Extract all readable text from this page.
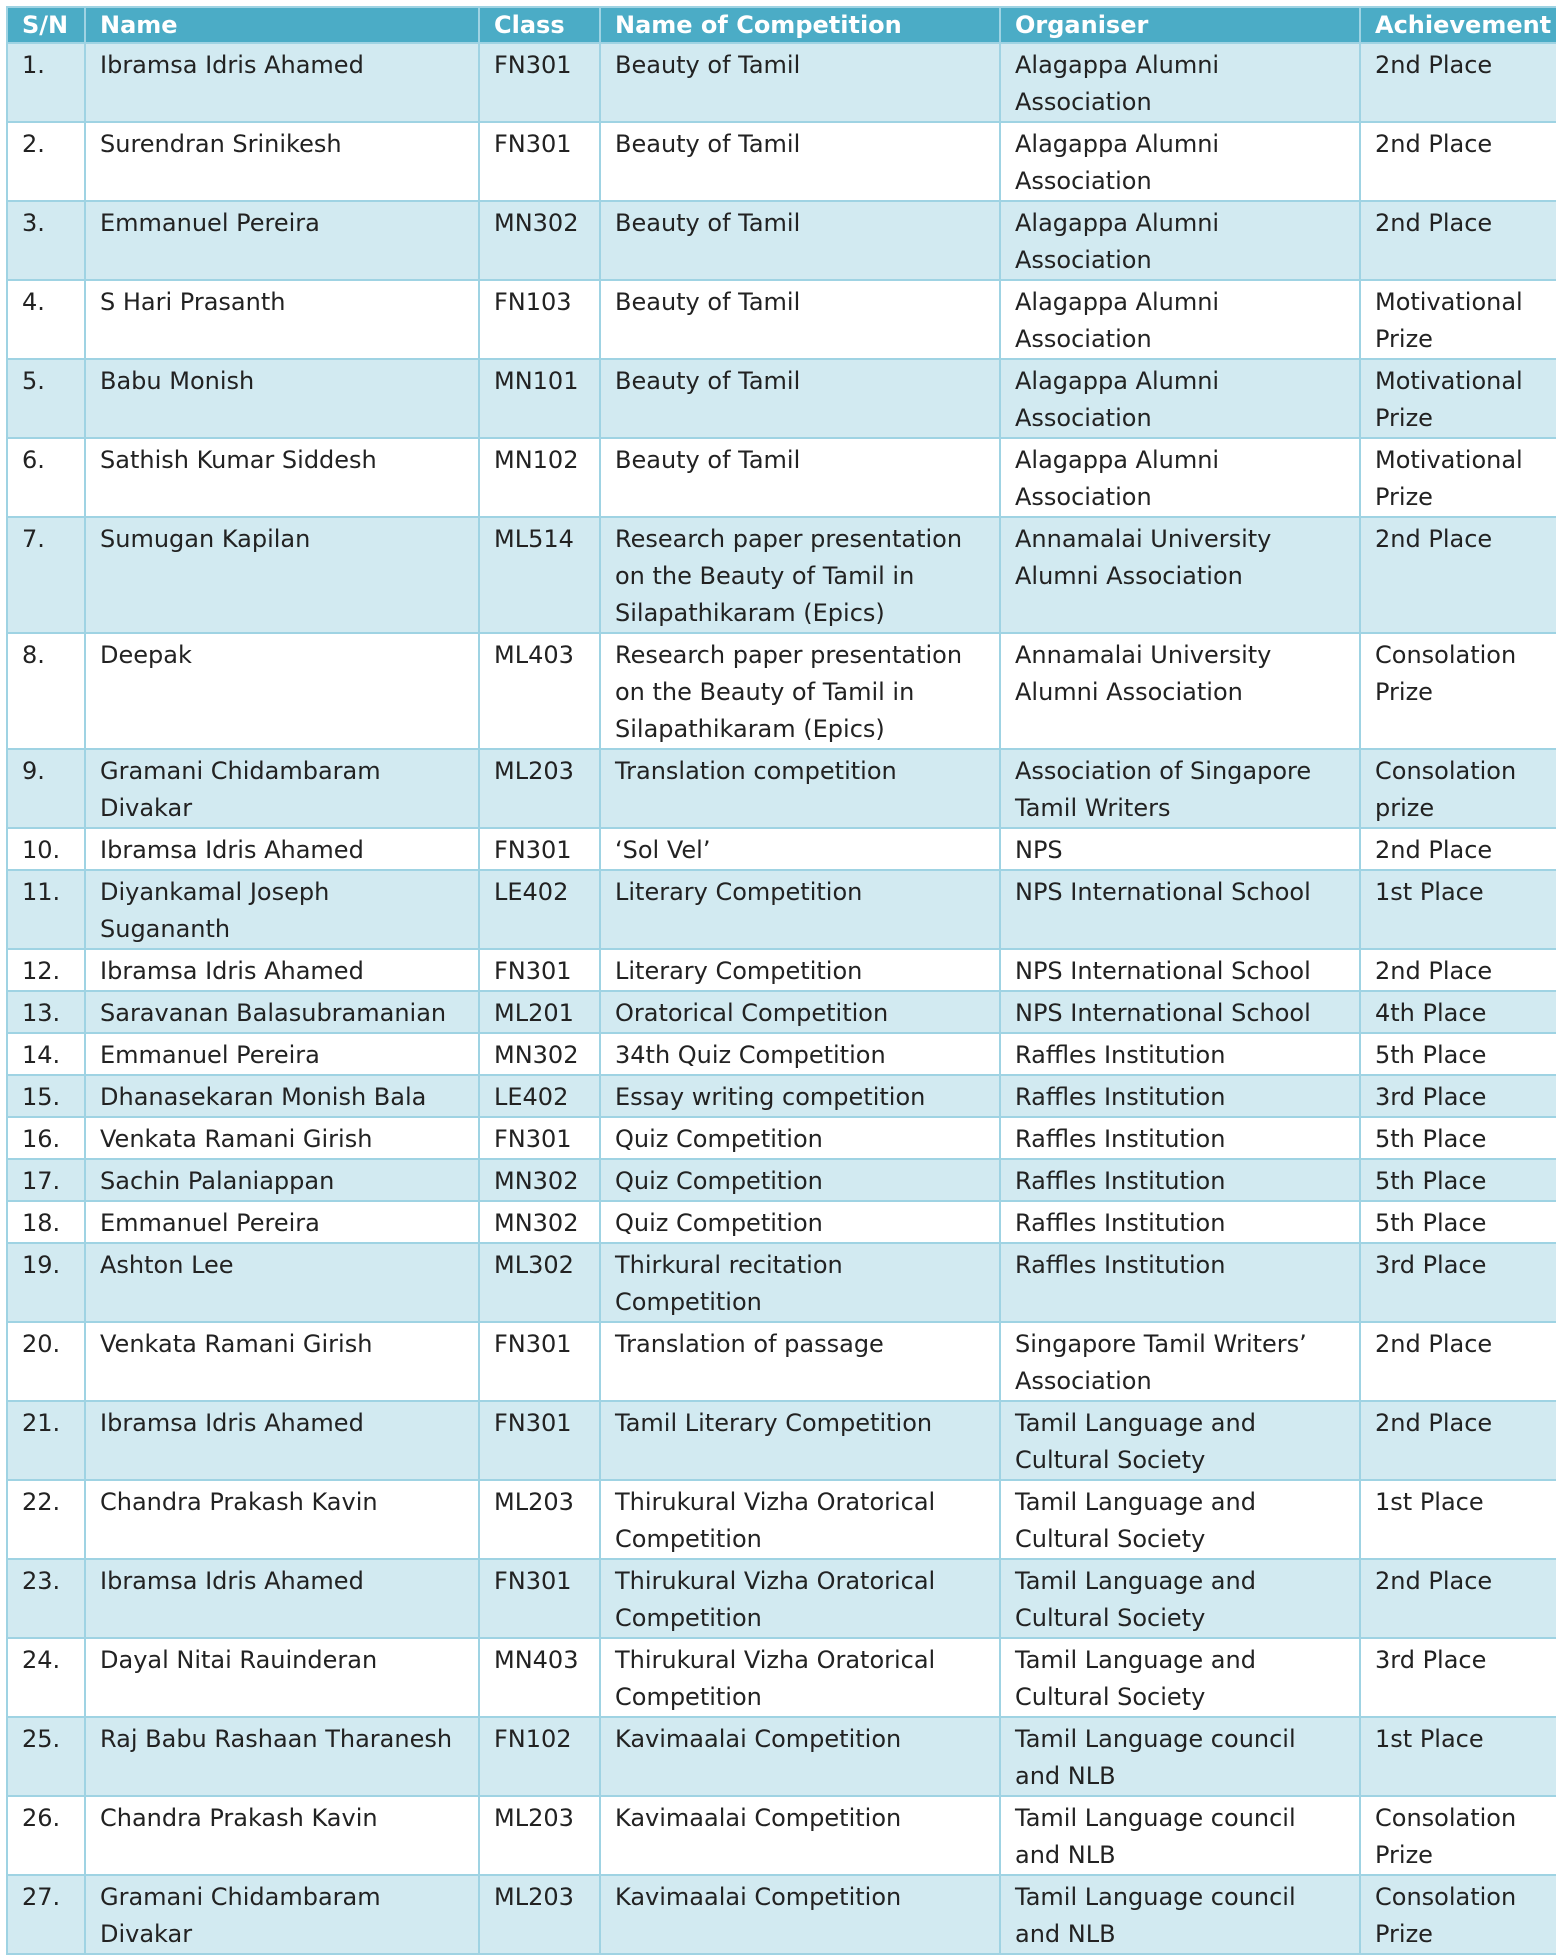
S/N	Name	Class	Name of Competition	Organiser	Achievement
1.	Ibramsa Idris Ahamed	FN301	Beauty of Tamil	Alagappa Alumni Association	2nd Place
2.	Surendran Srinikesh	FN301	Beauty of Tamil	Alagappa Alumni Association	2nd Place
3.	Emmanuel Pereira	MN302	Beauty of Tamil	Alagappa Alumni Association	2nd Place
4.	S Hari Prasanth	FN103	Beauty of Tamil	Alagappa Alumni Association	Motivational Prize
5.	Babu Monish	MN101	Beauty of Tamil	Alagappa Alumni Association	Motivational Prize
6.	Sathish Kumar Siddesh	MN102	Beauty of Tamil	Alagappa Alumni Association	Motivational Prize
7.	Sumugan Kapilan	ML514	Research paper presentation on the Beauty of Tamil in Silapathikaram (Epics)	Annamalai University Alumni Association	2nd Place
8.	Deepak	ML403	Research paper presentation on the Beauty of Tamil in Silapathikaram (Epics)	Annamalai University Alumni Association	Consolation Prize
9.	Gramani Chidambaram Divakar	ML203	Translation competition	Association of Singapore Tamil Writers	Consolation prize
10.	Ibramsa Idris Ahamed	FN301	‘Sol Vel’	NPS	2nd Place
11.	Diyankamal Joseph Sugananth	LE402	Literary Competition	NPS International School	1st Place
12.	Ibramsa Idris Ahamed	FN301	Literary Competition	NPS International School	2nd Place
13.	Saravanan Balasubramanian	ML201	Oratorical Competition	NPS International School	4th Place
14.	Emmanuel Pereira	MN302	34th Quiz Competition	Raffles Institution	5th Place
15.	Dhanasekaran Monish Bala	LE402	Essay writing competition	Raffles Institution	3rd Place
16.	Venkata Ramani Girish	FN301	Quiz Competition	Raffles Institution	5th Place
17.	Sachin Palaniappan	MN302	Quiz Competition	Raffles Institution	5th Place
18.	Emmanuel Pereira	MN302	Quiz Competition	Raffles Institution	5th Place
19.	Ashton Lee	ML302	Thirkural recitation Competition	Raffles Institution	3rd Place
20.	Venkata Ramani Girish	FN301	Translation of passage	Singapore Tamil Writers’ Association	2nd Place
21.	Ibramsa Idris Ahamed	FN301	Tamil Literary Competition	Tamil Language and Cultural Society	2nd Place
22.	Chandra Prakash Kavin	ML203	Thirukural Vizha Oratorical Competition	Tamil Language and Cultural Society	1st Place
23.	Ibramsa Idris Ahamed	FN301	Thirukural Vizha Oratorical Competition	Tamil Language and Cultural Society	2nd Place
24.	Dayal Nitai Rauinderan	MN403	Thirukural Vizha Oratorical Competition	Tamil Language and Cultural Society	3rd Place
25.	Raj Babu Rashaan Tharanesh	FN102	Kavimaalai Competition	Tamil Language council and NLB	1st Place
26.	Chandra Prakash Kavin	ML203	Kavimaalai Competition	Tamil Language council and NLB	Consolation Prize
27.	Gramani Chidambaram Divakar	ML203	Kavimaalai Competition	Tamil Language council and NLB	Consolation Prize
